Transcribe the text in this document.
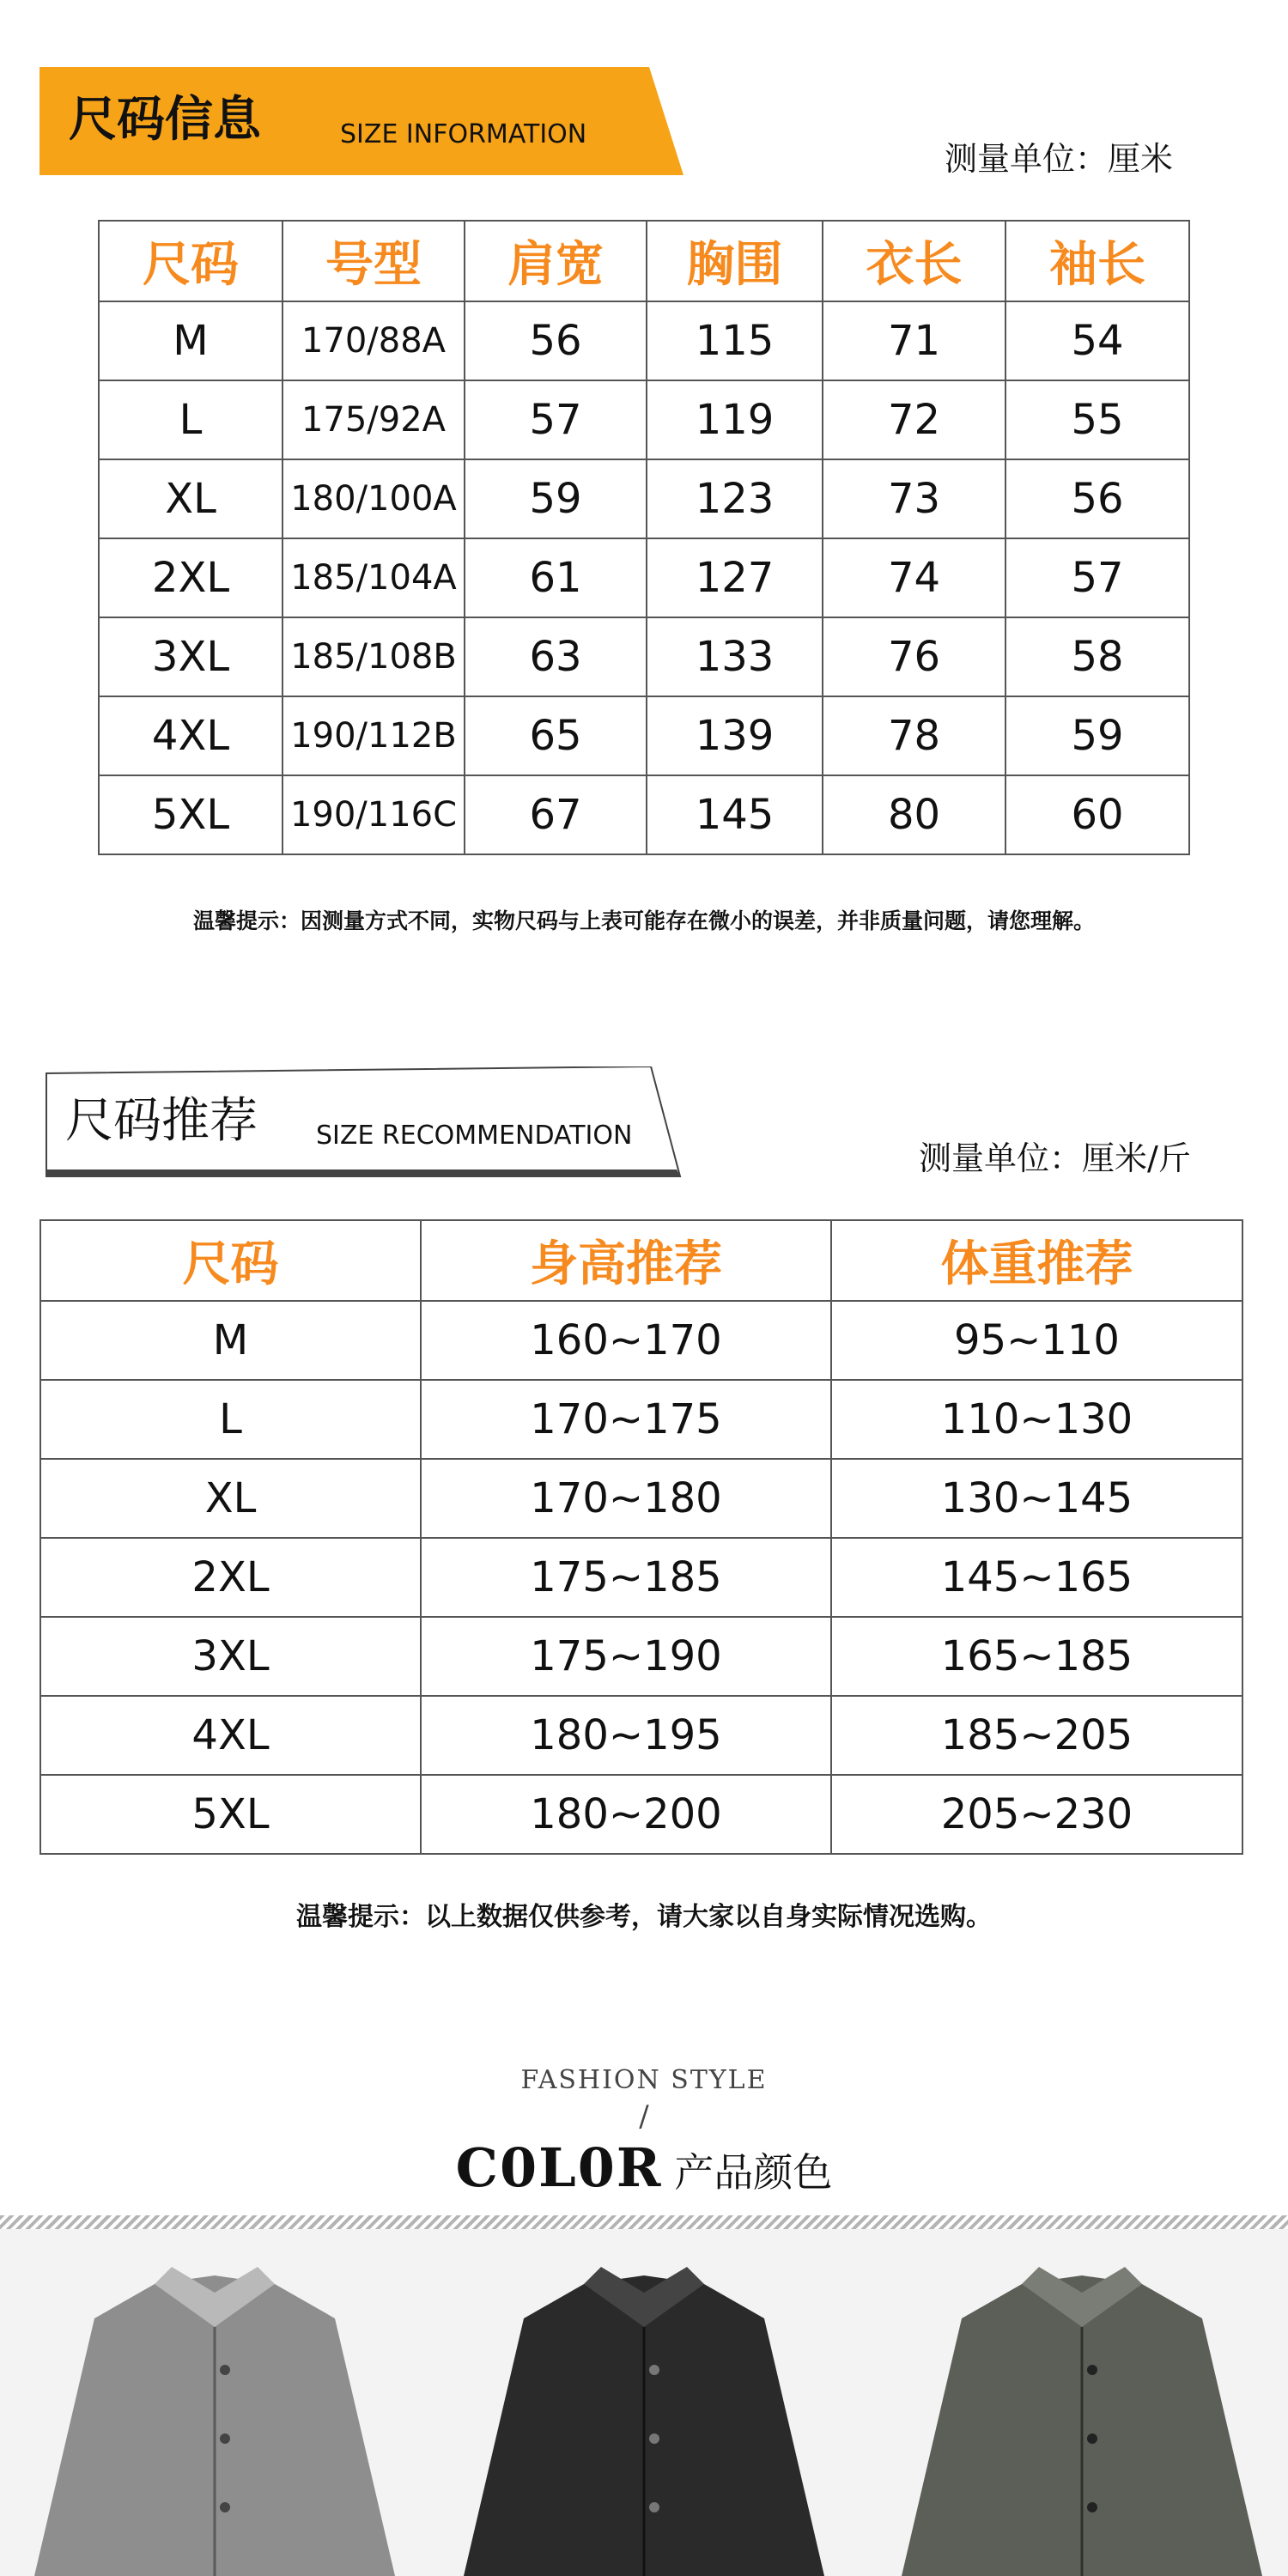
尺码信息	SIZE INFORMATION
测量单位：厘米
尺码	号型	肩宽	胸围	衣长	袖长
M	170/88A	56	115	71	54
L	175/92A	57	119	72	55
XL	180/100A	59	123	73	56
2XL	185/104A	61	127	74	57
3XL	185/108B	63	133	76	58
4XL	190/112B	65	139	78	59
5XL	190/116C	67	145	80	60
温馨提示：因测量方式不同，实物尺码与上表可能存在微小的误差，并非质量问题，请您理解。
尺码推荐 SIZE RECOMMENDATION
测量单位：厘米/斤
尺码	身高推荐	体重推荐
M	160~170	95~110
L	170~175	110~130
XL	170~180	130~145
2XL	175~185	145~165
3XL	175~190	165~185
4XL	180~195	185~205
5XL	180~200	205~230
温馨提示：以上数据仅供参考，请大家以自身实际情况选购。
FASHION STYLE
/
C0L0R 产品颜色
